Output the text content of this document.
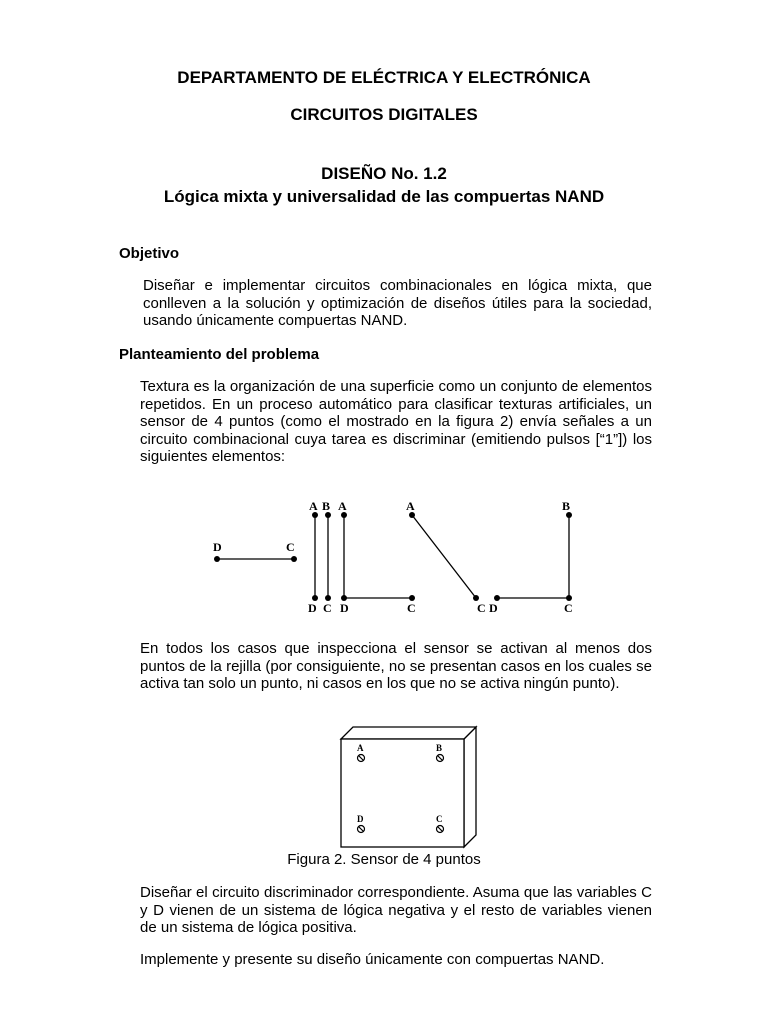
DEPARTAMENTO DE ELÉCTRICA Y ELECTRÓNICA

CIRCUITOS DIGITALES

DISEÑO No. 1.2

Lógica mixta y universalidad de las compuertas NAND

Objetivo

Diseñar e implementar circuitos combinacionales en lógica mixta, que conlleven a la solución y optimización de diseños útiles para la sociedad, usando únicamente compuertas NAND.

Planteamiento del problema

Textura es la organización de una superficie como un conjunto de elementos repetidos. En un proceso automático para clasificar texturas artificiales, un sensor de 4 puntos (como el mostrado en la figura 2) envía señales a un circuito combinacional cuya tarea es discriminar (emitiendo pulsos [“1”]) los siguientes elementos:

D	C
A
D
B
C
A
D	C
A
C
B
D	C

En todos los casos que inspecciona el sensor se activan al menos dos puntos de la rejilla (por consiguiente, no se presentan casos en los cuales se activa tan solo un punto, ni casos en los que no se activa ningún punto).

A	B
D	C

Figura 2. Sensor de 4 puntos

Diseñar el circuito discriminador correspondiente. Asuma que las variables C y D vienen de un sistema de lógica negativa y el resto de variables vienen de un sistema de lógica positiva.

Implemente y presente su diseño únicamente con compuertas NAND.
